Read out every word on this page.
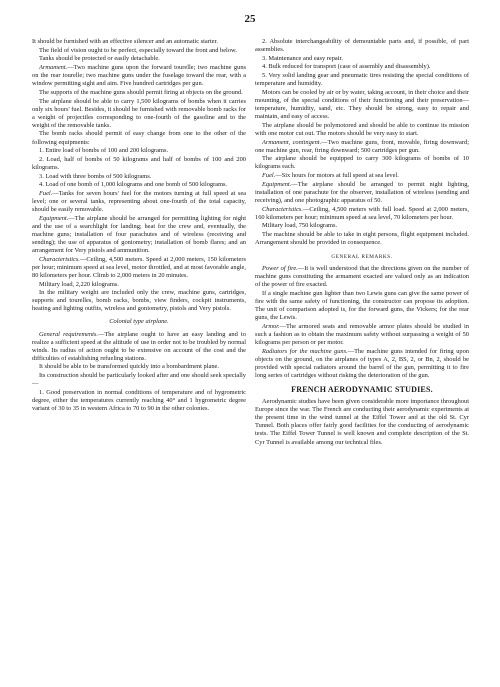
25

It should be furnished with an effective silencer and an automatic starter.

The field of vision ought to be perfect, especially toward the front and below.

Tanks should be protected or easily detachable.

Armament.—Two machine guns upon the forward tourelle; two machine guns on the rear tourelle; two machine guns under the fuselage toward the rear, with a window permitting sight and aim. Five hundred cartridges per gun.

The supports of the machine guns should permit firing at objects on the ground.

The airplane should be able to carry 1,500 kilograms of bombs when it carries only six hours' fuel. Besides, it should be furnished with removable bomb racks for a weight of projectiles corresponding to one-fourth of the gasoline and to the weight of the removable tanks.

The bomb racks should permit of easy change from one to the other of the following equipments:

1. Entire load of bombs of 100 and 200 kilograms.

2. Load, half of bombs of 50 kilograms and half of bombs of 100 and 200 kilograms.

3. Load with three bombs of 500 kilograms.

4. Load of one bomb of 1,000 kilograms and one bomb of 500 kilograms.

Fuel.—Tanks for seven hours' fuel for the motors turning at full speed at sea level; one or several tanks, representing about one-fourth of the total capacity, should be easily removable.

Equipment.—The airplane should be arranged for permitting lighting for night and the use of a searchlight for landing; heat for the crew and, eventually, the machine guns; installation of four parachutes and of wireless (receiving and sending); the use of apparatus of goniometry; installation of bomb flares; and an arrangement for Very pistols and ammunition.

Characteristics.—Ceiling, 4,500 meters. Speed at 2,000 meters, 150 kilometers per hour; minimum speed at sea level, motor throttled, and at most favorable angle, 80 kilometers per hour. Climb to 2,000 meters in 20 minutes.

Military load, 2,220 kilograms.

In the military weight are included only the crew, machine guns, cartridges, supports and tourelles, bomb racks, bombs, view finders, cockpit instruments, heating and lighting outfits, wireless and goniometry, pistols and Very pistols.

Colonial type airplane.

General requirements.—The airplane ought to have an easy landing and to realize a sufficient speed at the altitude of use in order not to be troubled by normal winds. Its radius of action ought to be extensive on account of the cost and the difficulties of establishing refueling stations.

It should be able to be transformed quickly into a bombardment plane.

Its construction should be particularly looked after and one should seek specially—

1. Good preservation in normal conditions of temperature and of hygrometric degree, either the temperatures currently reaching 40° and 1 hygrometric degree variant of 30 to 35 in western Africa to 70 to 90 in the other colonies.

2. Absolute interchangeability of demountable parts and, if possible, of part assemblies.

3. Maintenance and easy repair.

4. Bulk reduced for transport (case of assembly and disassembly).

5. Very solid landing gear and pneumatic tires resisting the special conditions of temperature and humidity.

Motors can be cooled by air or by water, taking account, in their choice and their mounting, of the special conditions of their functioning and their preservation—temperature, humidity, sand, etc. They should be strong, easy to repair and maintain, and easy of access.

The airplane should be polymotored and should be able to continue its mission with one motor cut out. The motors should be very easy to start.

Armament, contingent.—Two machine guns, front, movable, firing downward; one machine gun, rear, firing downward; 500 cartridges per gun.

The airplane should be equipped to carry 300 kilograms of bombs of 10 kilograms each.

Fuel.—Six hours for motors at full speed at sea level.

Equipment.—The airplane should be arranged to permit night lighting, installation of one parachute for the observer, installation of wireless (sending and receiving), and one photographic apparatus of 50.

Characteristics.—Ceiling, 4,500 meters with full load. Speed at 2,000 meters, 160 kilometers per hour; minimum speed at sea level, 70 kilometers per hour.

Military load, 750 kilograms.

The machine should be able to take in eight persons, flight equipment included. Arrangement should be provided in consequence.

GENERAL REMARKS.

Power of fire.—It is well understood that the directions given on the number of machine guns constituting the armament exacted are valued only as an indication of the power of fire exacted.

If a single machine gun lighter than two Lewis guns can give the same power of fire with the same safety of functioning, the constructor can propose its adoption. The unit of comparison adopted is, for the forward guns, the Vickers; for the rear guns, the Lewis.

Armor.—The armored seats and removable armor plates should be studied in such a fashion as to obtain the maximum safety without surpassing a weight of 50 kilograms per person or per motor.

Radiators for the machine guns.—The machine guns intended for firing upon objects on the ground, on the airplanes of types A, 2, BS, 2, or Bn, 2, should be provided with special radiators around the barrel of the gun, permitting it to fire long series of cartridges without risking the deterioration of the gun.

FRENCH AERODYNAMIC STUDIES.

Aerodynamic studies have been given considerable more importance throughout Europe since the war. The French are conducting their aerodynamic experiments at the present time in the wind tunnel at the Eiffel Tower and at the old St. Cyr Tunnel. Both places offer fairly good facilities for the conducting of aerodynamic tests. The Eiffel Tower Tunnel is well known and complete description of the St. Cyr Tunnel is available among our technical files.
